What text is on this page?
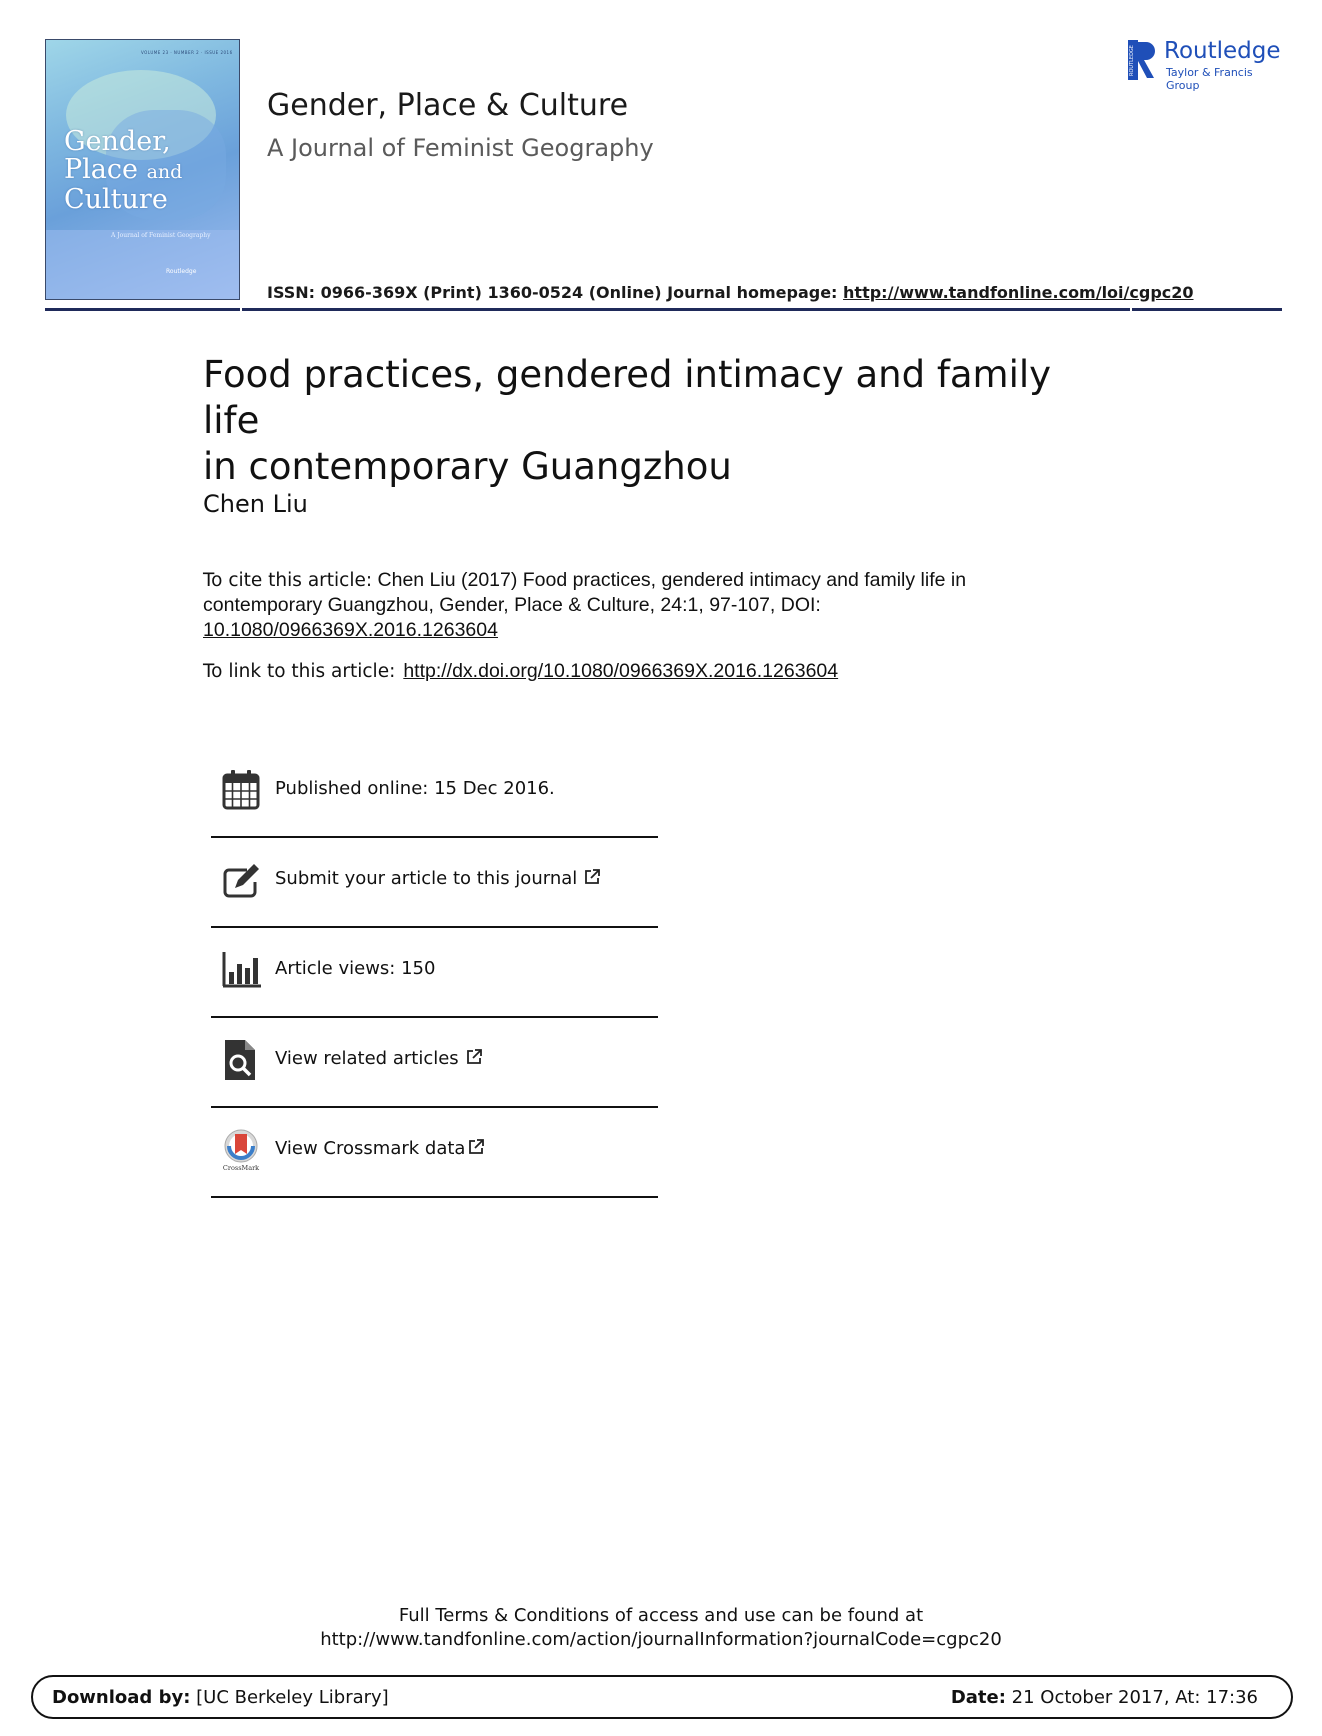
VOLUME 23 · NUMBER 2 · ISSUE 2016
Gender,
Place and
Culture
A Journal of Feminist Geography
Routledge
Gender, Place & Culture
A Journal of Feminist Geography
ROUTLEDGE Routledge
Taylor & Francis Group
ISSN: 0966-369X (Print) 1360-0524 (Online) Journal homepage: http://www.tandfonline.com/loi/cgpc20
Food practices, gendered intimacy and family life
in contemporary Guangzhou
Chen Liu
To cite this article: Chen Liu (2017) Food practices, gendered intimacy and family life in contemporary Guangzhou, Gender, Place & Culture, 24:1, 97-107, DOI: 10.1080/0966369X.2016.1263604
To link to this article: http://dx.doi.org/10.1080/0966369X.2016.1263604
Published online: 15 Dec 2016.
Submit your article to this journal
Article views: 150
View related articles
CrossMark
View Crossmark data
Full Terms & Conditions of access and use can be found at
http://www.tandfonline.com/action/journalInformation?journalCode=cgpc20
Download by: [UC Berkeley Library]	Date: 21 October 2017, At: 17:36
